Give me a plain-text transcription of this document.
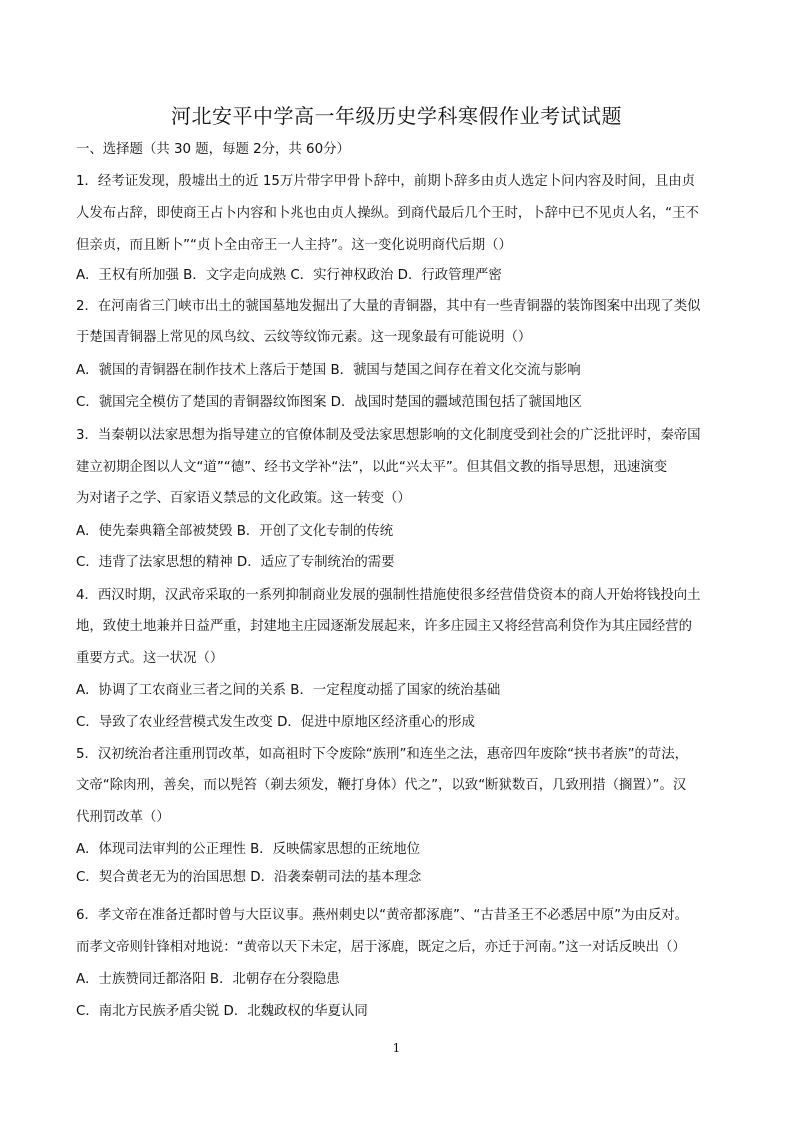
河北安平中学高一年级历史学科寒假作业考试试题
一、选择题（共 30 题，每题 2分，共 60分）
1．经考证发现，殷墟出土的近 15万片带字甲骨卜辞中，前期卜辞多由贞人选定卜问内容及时间，且由贞
人发布占辞，即使商王占卜内容和卜兆也由贞人操纵。到商代最后几个王时，卜辞中已不见贞人名，“王不
但亲贞，而且断卜”“贞卜全由帝王一人主持”。这一变化说明商代后期（）
A．王权有所加强 B．文字走向成熟 C．实行神权政治 D．行政管理严密
2．在河南省三门峡市出土的虢国墓地发掘出了大量的青铜器，其中有一些青铜器的装饰图案中出现了类似
于楚国青铜器上常见的凤鸟纹、云纹等纹饰元素。这一现象最有可能说明（）
A．虢国的青铜器在制作技术上落后于楚国 B．虢国与楚国之间存在着文化交流与影响
C．虢国完全模仿了楚国的青铜器纹饰图案 D．战国时楚国的疆域范围包括了虢国地区
3．当秦朝以法家思想为指导建立的官僚体制及受法家思想影响的文化制度受到社会的广泛批评时，秦帝国
建立初期企图以人文“道”“德”、经书文学补“法”，以此“兴太平”。但其倡文教的指导思想，迅速演变
为对诸子之学、百家语义禁忌的文化政策。这一转变（）
A．使先秦典籍全部被焚毁 B．开创了文化专制的传统
C．违背了法家思想的精神 D．适应了专制统治的需要
4．西汉时期，汉武帝采取的一系列抑制商业发展的强制性措施使很多经营借贷资本的商人开始将钱投向土
地，致使土地兼并日益严重，封建地主庄园逐渐发展起来，许多庄园主又将经营高利贷作为其庄园经营的
重要方式。这一状况（）
A．协调了工农商业三者之间的关系 B．一定程度动摇了国家的统治基础
C．导致了农业经营模式发生改变 D．促进中原地区经济重心的形成
5．汉初统治者注重刑罚改革，如高祖时下令废除“族刑”和连坐之法，惠帝四年废除“挟书者族”的苛法，
文帝“除肉刑，善矣，而以髡笞（剃去须发，鞭打身体）代之”，以致“断狱数百，几致刑措（搁置）”。汉
代刑罚改革（）
A．体现司法审判的公正理性 B．反映儒家思想的正统地位
C．契合黄老无为的治国思想 D．沿袭秦朝司法的基本理念
6．孝文帝在准备迁都时曾与大臣议事。燕州刺史以“黄帝都涿鹿”、“古昔圣王不必悉居中原”为由反对。
而孝文帝则针锋相对地说：“黄帝以天下未定，居于涿鹿，既定之后，亦迁于河南。”这一对话反映出（）
A．士族赞同迁都洛阳 B．北朝存在分裂隐患
C．南北方民族矛盾尖锐 D．北魏政权的华夏认同
1
